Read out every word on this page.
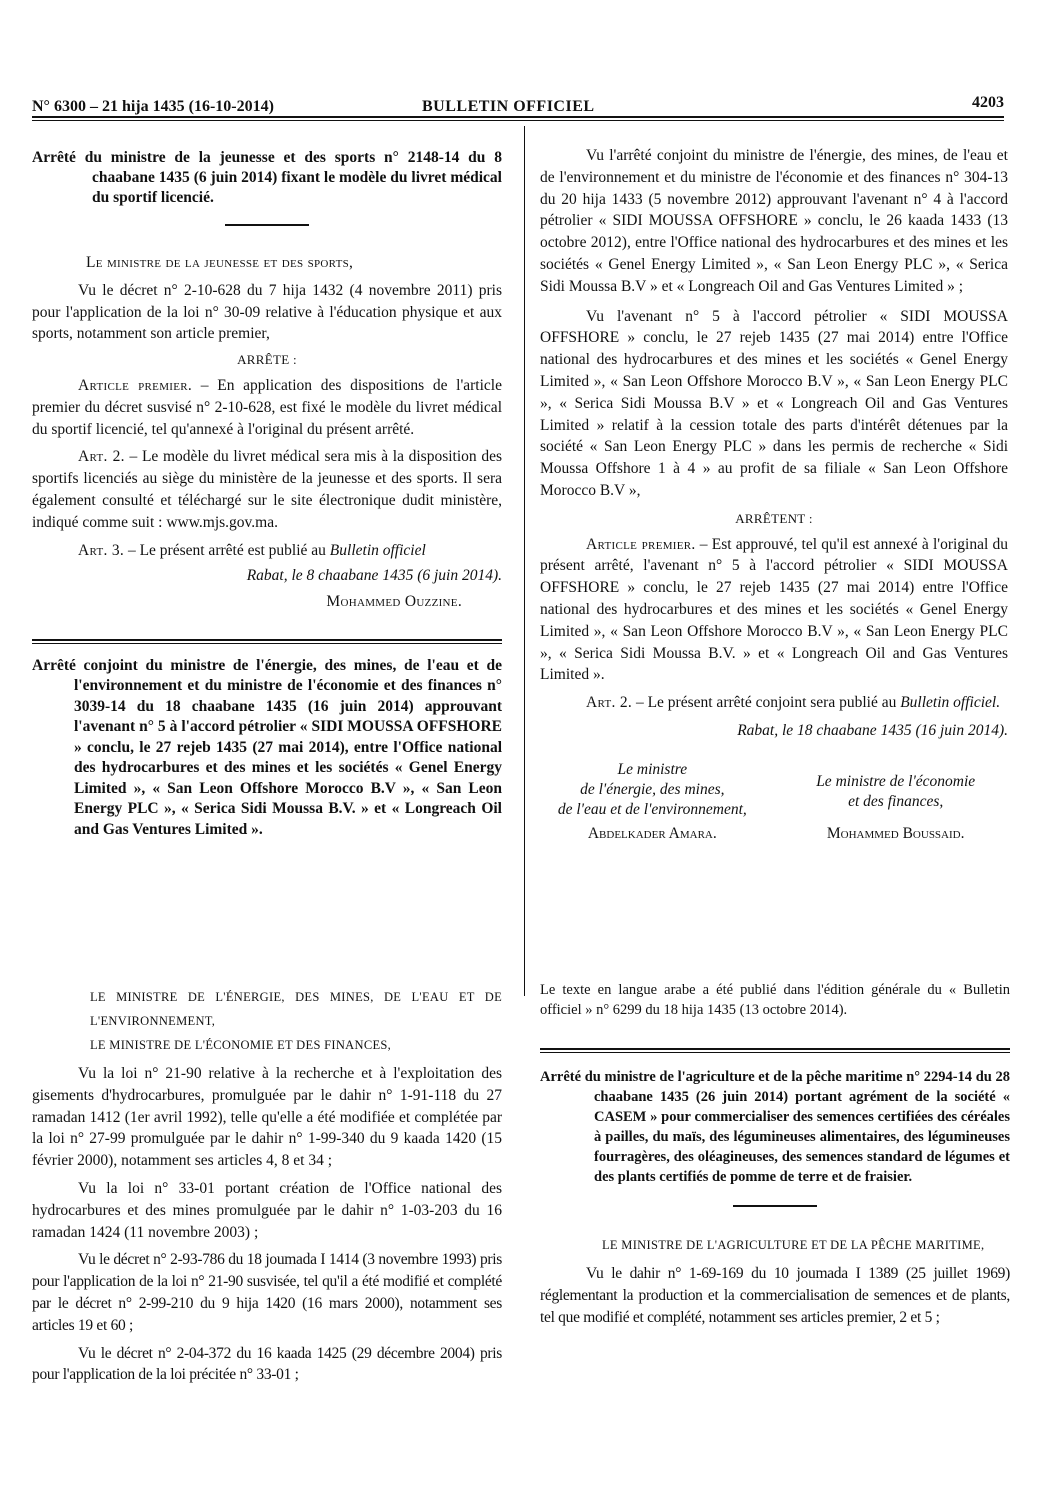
N° 6300 – 21 hija 1435 (16-10-2014)	BULLETIN OFFICIEL	4203

Arrêté du ministre de la jeunesse et des sports n° 2148-14 du 8 chaabane 1435 (6 juin 2014) fixant le modèle du livret médical du sportif licencié.

Le ministre de la jeunesse et des sports,

Vu le décret n° 2-10-628 du 7 hija 1432 (4 novembre 2011) pris pour l'application de la loi n° 30-09 relative à l'éducation physique et aux sports, notamment son article premier,

ARRÊTE :

Article premier. – En application des dispositions de l'article premier du décret susvisé n° 2-10-628, est fixé le modèle du livret médical du sportif licencié, tel qu'annexé à l'original du présent arrêté.

Art. 2. – Le modèle du livret médical sera mis à la disposition des sportifs licenciés au siège du ministère de la jeunesse et des sports. Il sera également consulté et téléchargé sur le site électronique dudit ministère, indiqué comme suit : www.mjs.gov.ma.

Art. 3. – Le présent arrêté est publié au Bulletin officiel

Rabat, le 8 chaabane 1435 (6 juin 2014).

Mohammed Ouzzine.

Arrêté conjoint du ministre de l'énergie, des mines, de l'eau et de l'environnement et du ministre de l'économie et des finances n° 3039-14 du 18 chaabane 1435 (16 juin 2014) approuvant l'avenant n° 5 à l'accord pétrolier « SIDI MOUSSA OFFSHORE » conclu, le 27 rejeb 1435 (27 mai 2014), entre l'Office national des hydrocarbures et des mines et les sociétés « Genel Energy Limited », « San Leon Offshore Morocco B.V », « San Leon Energy PLC », « Serica Sidi Moussa B.V. » et « Longreach Oil and Gas Ventures Limited ».

LE MINISTRE DE L'ÉNERGIE, DES MINES, DE L'EAU ET DE L'ENVIRONNEMENT,

LE MINISTRE DE L'ÉCONOMIE ET DES FINANCES,

Vu la loi n° 21-90 relative à la recherche et à l'exploitation des gisements d'hydrocarbures, promulguée par le dahir n° 1-91-118 du 27 ramadan 1412 (1er avril 1992), telle qu'elle a été modifiée et complétée par la loi n° 27-99 promulguée par le dahir n° 1-99-340 du 9 kaada 1420 (15 février 2000), notamment ses articles 4, 8 et 34 ;

Vu la loi n° 33-01 portant création de l'Office national des hydrocarbures et des mines promulguée par le dahir n° 1-03-203 du 16 ramadan 1424 (11 novembre 2003) ;

Vu le décret n° 2-93-786 du 18 joumada I 1414 (3 novembre 1993) pris pour l'application de la loi n° 21-90 susvisée, tel qu'il a été modifié et complété par le décret n° 2-99-210 du 9 hija 1420 (16 mars 2000), notamment ses articles 19 et 60 ;

Vu le décret n° 2-04-372 du 16 kaada 1425 (29 décembre 2004) pris pour l'application de la loi précitée n° 33-01 ;

Vu l'arrêté conjoint du ministre de l'énergie, des mines, de l'eau et de l'environnement et du ministre de l'économie et des finances n° 304-13 du 20 hija 1433 (5 novembre 2012) approuvant l'avenant n° 4 à l'accord pétrolier « SIDI MOUSSA OFFSHORE » conclu, le 26 kaada 1433 (13 octobre 2012), entre l'Office national des hydrocarbures et des mines et les sociétés « Genel Energy Limited », « San Leon Energy PLC », « Serica Sidi Moussa B.V » et « Longreach Oil and Gas Ventures Limited » ;

Vu l'avenant n° 5 à l'accord pétrolier « SIDI MOUSSA OFFSHORE » conclu, le 27 rejeb 1435 (27 mai 2014) entre l'Office national des hydrocarbures et des mines et les sociétés « Genel Energy Limited », « San Leon Offshore Morocco B.V », « San Leon Energy PLC », « Serica Sidi Moussa B.V » et « Longreach Oil and Gas Ventures Limited » relatif à la cession totale des parts d'intérêt détenues par la société « San Leon Energy PLC » dans les permis de recherche « Sidi Moussa Offshore 1 à 4 » au profit de sa filiale « San Leon Offshore Morocco B.V »,

ARRÊTENT :

Article premier. – Est approuvé, tel qu'il est annexé à l'original du présent arrêté, l'avenant n° 5 à l'accord pétrolier « SIDI MOUSSA OFFSHORE » conclu, le 27 rejeb 1435 (27 mai 2014) entre l'Office national des hydrocarbures et des mines et les sociétés « Genel Energy Limited », « San Leon Offshore Morocco B.V », « San Leon Energy PLC », « Serica Sidi Moussa B.V. » et « Longreach Oil and Gas Ventures Limited ».

Art. 2. – Le présent arrêté conjoint sera publié au Bulletin officiel.

Rabat, le 18 chaabane 1435 (16 juin 2014).

Le ministre
de l'énergie, des mines,
de l'eau et de l'environnement,
Abdelkader Amara.
Le ministre de l'économie
et des finances,
Mohammed Boussaid.

Le texte en langue arabe a été publié dans l'édition générale du « Bulletin officiel » n° 6299 du 18 hija 1435 (13 octobre 2014).

Arrêté du ministre de l'agriculture et de la pêche maritime n° 2294-14 du 28 chaabane 1435 (26 juin 2014) portant agrément de la société « CASEM » pour commercialiser des semences certifiées des céréales à pailles, du maïs, des légumineuses alimentaires, des légumineuses fourragères, des oléagineuses, des semences standard de légumes et des plants certifiés de pomme de terre et de fraisier.

LE MINISTRE DE L'AGRICULTURE ET DE LA PÊCHE MARITIME,

Vu le dahir n° 1-69-169 du 10 joumada I 1389 (25 juillet 1969) réglementant la production et la commercialisation de semences et de plants, tel que modifié et complété, notamment ses articles premier, 2 et 5 ;
